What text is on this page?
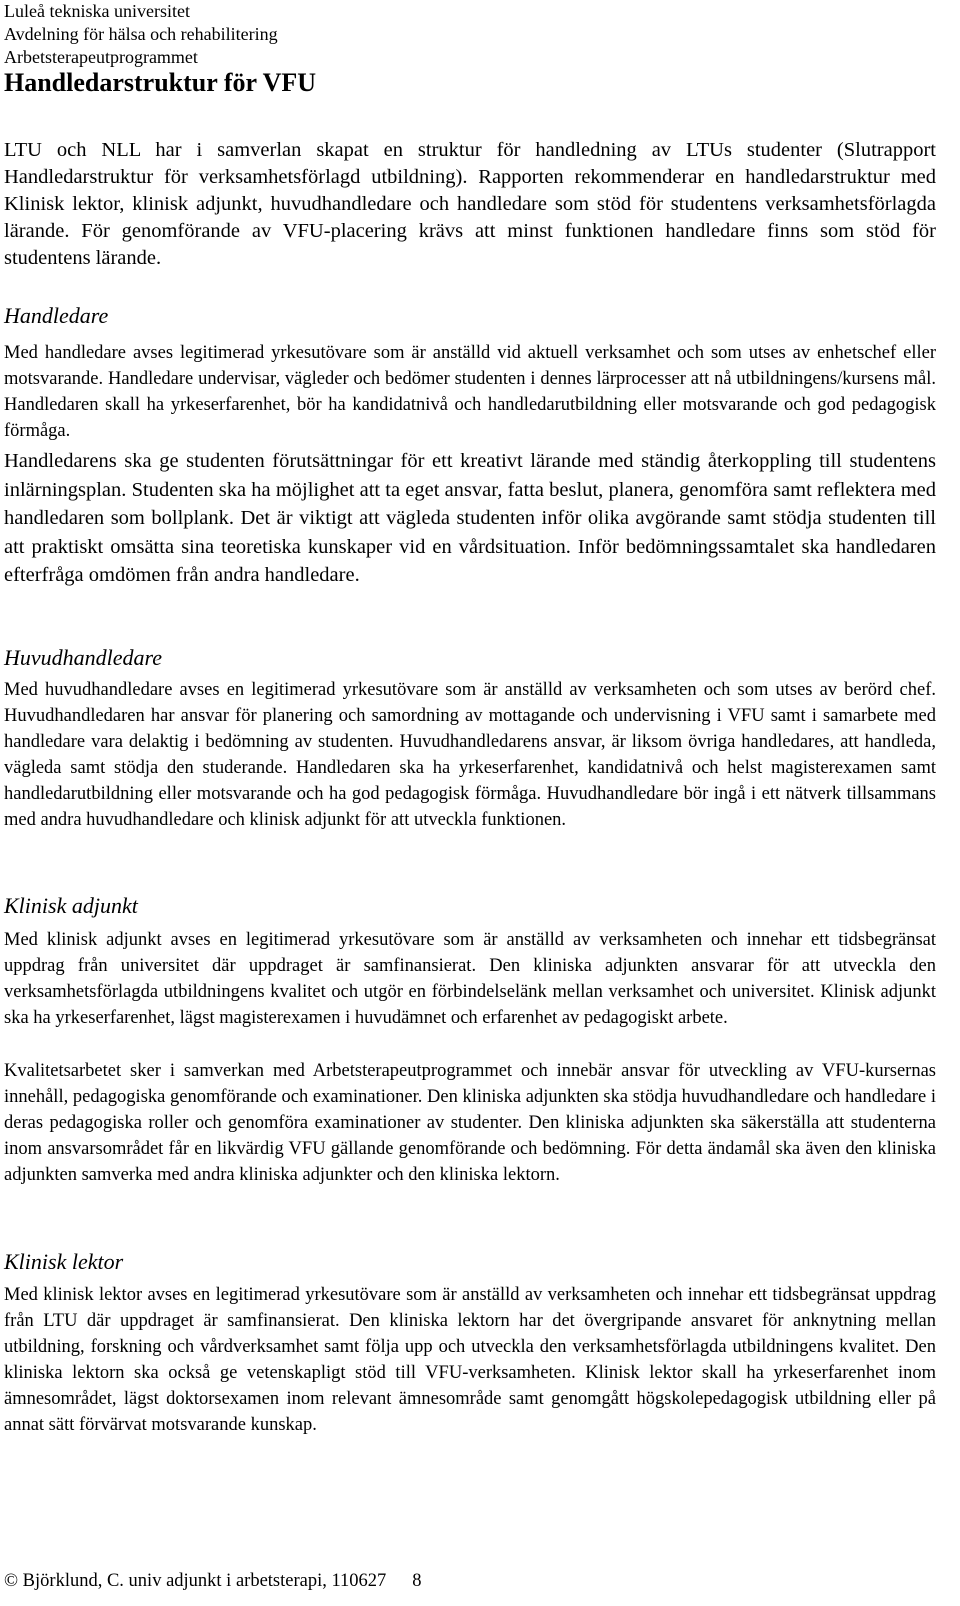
Luleå tekniska universitet
Avdelning för hälsa och rehabilitering
Arbetsterapeutprogrammet
Handledarstruktur för VFU

LTU och NLL har i samverlan skapat en struktur för handledning av LTUs studenter (Slutrapport Handledarstruktur för verksamhetsförlagd utbildning). Rapporten rekommenderar en handledarstruktur med Klinisk lektor, klinisk adjunkt, huvudhandledare och handledare som stöd för studentens verksamhetsförlagda lärande. För genomförande av VFU-placering krävs att minst funktionen handledare finns som stöd för studentens lärande.

Handledare

Med handledare avses legitimerad yrkesutövare som är anställd vid aktuell verksamhet och som utses av enhetschef eller motsvarande. Handledare undervisar, vägleder och bedömer studenten i dennes lärprocesser att nå utbildningens/kursens mål. Handledaren skall ha yrkeserfarenhet, bör ha kandidatnivå och handledarutbildning eller motsvarande och god pedagogisk förmåga.

Handledarens ska ge studenten förutsättningar för ett kreativt lärande med ständig återkoppling till studentens inlärningsplan. Studenten ska ha möjlighet att ta eget ansvar, fatta beslut, planera, genomföra samt reflektera med handledaren som bollplank. Det är viktigt att vägleda studenten inför olika avgörande samt stödja studenten till att praktiskt omsätta sina teoretiska kunskaper vid en vårdsituation. Inför bedömningssamtalet ska handledaren efterfråga omdömen från andra handledare.

Huvudhandledare

Med huvudhandledare avses en legitimerad yrkesutövare som är anställd av verksamheten och som utses av berörd chef. Huvudhandledaren har ansvar för planering och samordning av mottagande och undervisning i VFU samt i samarbete med handledare vara delaktig i bedömning av studenten. Huvudhandledarens ansvar, är liksom övriga handledares, att handleda, vägleda samt stödja den studerande. Handledaren ska ha yrkeserfarenhet, kandidatnivå och helst magisterexamen samt handledarutbildning eller motsvarande och ha god pedagogisk förmåga. Huvudhandledare bör ingå i ett nätverk tillsammans med andra huvudhandledare och klinisk adjunkt för att utveckla funktionen.

Klinisk adjunkt

Med klinisk adjunkt avses en legitimerad yrkesutövare som är anställd av verksamheten och innehar ett tidsbegränsat uppdrag från universitet där uppdraget är samfinansierat. Den kliniska adjunkten ansvarar för att utveckla den verksamhetsförlagda utbildningens kvalitet och utgör en förbindelselänk mellan verksamhet och universitet. Klinisk adjunkt ska ha yrkeserfarenhet, lägst magisterexamen i huvudämnet och erfarenhet av pedagogiskt arbete.

Kvalitetsarbetet sker i samverkan med Arbetsterapeutprogrammet och innebär ansvar för utveckling av VFU-kursernas innehåll, pedagogiska genomförande och examinationer. Den kliniska adjunkten ska stödja huvudhandledare och handledare i deras pedagogiska roller och genomföra examinationer av studenter. Den kliniska adjunkten ska säkerställa att studenterna inom ansvarsområdet får en likvärdig VFU gällande genomförande och bedömning. För detta ändamål ska även den kliniska adjunkten samverka med andra kliniska adjunkter och den kliniska lektorn.

Klinisk lektor

Med klinisk lektor avses en legitimerad yrkesutövare som är anställd av verksamheten och innehar ett tidsbegränsat uppdrag från LTU där uppdraget är samfinansierat. Den kliniska lektorn har det övergripande ansvaret för anknytning mellan utbildning, forskning och vårdverksamhet samt följa upp och utveckla den verksamhetsförlagda utbildningens kvalitet. Den kliniska lektorn ska också ge vetenskapligt stöd till VFU-verksamheten. Klinisk lektor skall ha yrkeserfarenhet inom ämnesområdet, lägst doktorsexamen inom relevant ämnesområde samt genomgått högskolepedagogisk utbildning eller på annat sätt förvärvat motsvarande kunskap.

© Björklund, C. univ adjunkt i arbetsterapi, 110627 8
